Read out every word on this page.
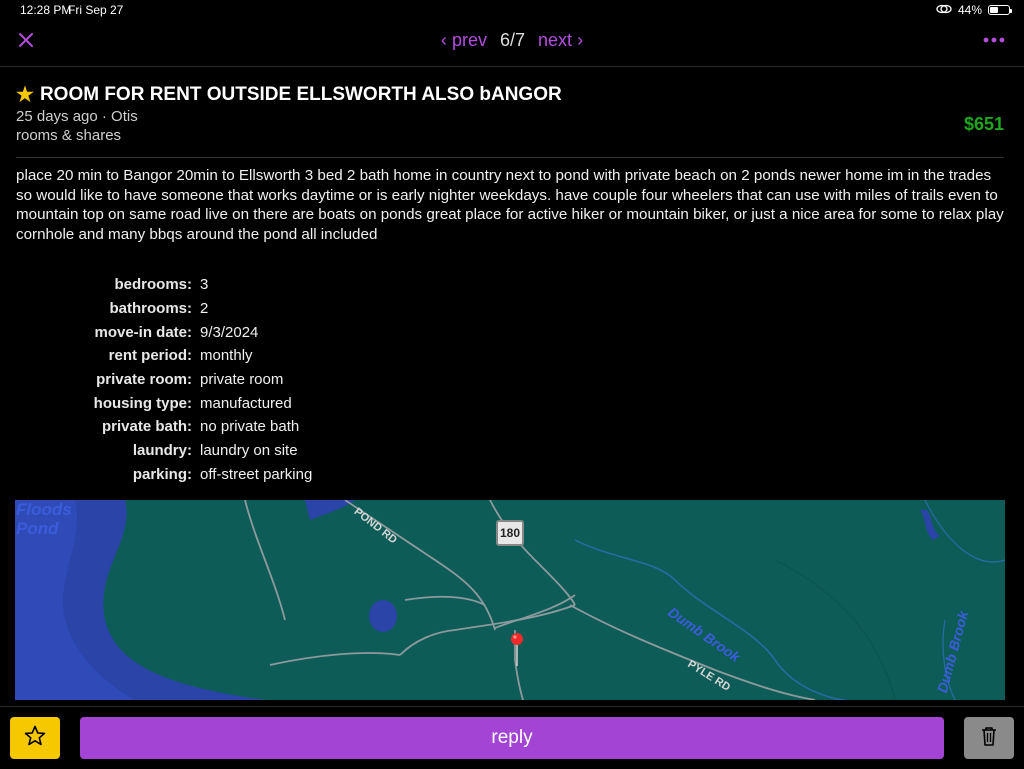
12:28 PM
Fri Sep 27	44%
‹ prev 6/7 next ›
★ ROOM FOR RENT OUTSIDE ELLSWORTH ALSO bANGOR
25 days ago · Otis
rooms & shares
$651
place 20 min to Bangor 20min to Ellsworth 3 bed 2 bath home in country next to pond with private beach on 2 ponds newer home im in the trades so would like to have someone that works daytime or is early nighter weekdays. have couple four wheelers that can use with miles of trails even to mountain top on same road live on there are boats on ponds great place for active hiker or mountain biker, or just a nice area for some to relax play cornhole and many bbqs around the pond all included
bedrooms: 3
bathrooms: 2
move-in date: 9/3/2024
rent period: monthly
private room: private room
housing type: manufactured
private bath: no private bath
laundry: laundry on site
parking: off-street parking
Floods
Pond	POND RD	180
Dumb Brook	Dumb Brook
PYLE RD
reply
